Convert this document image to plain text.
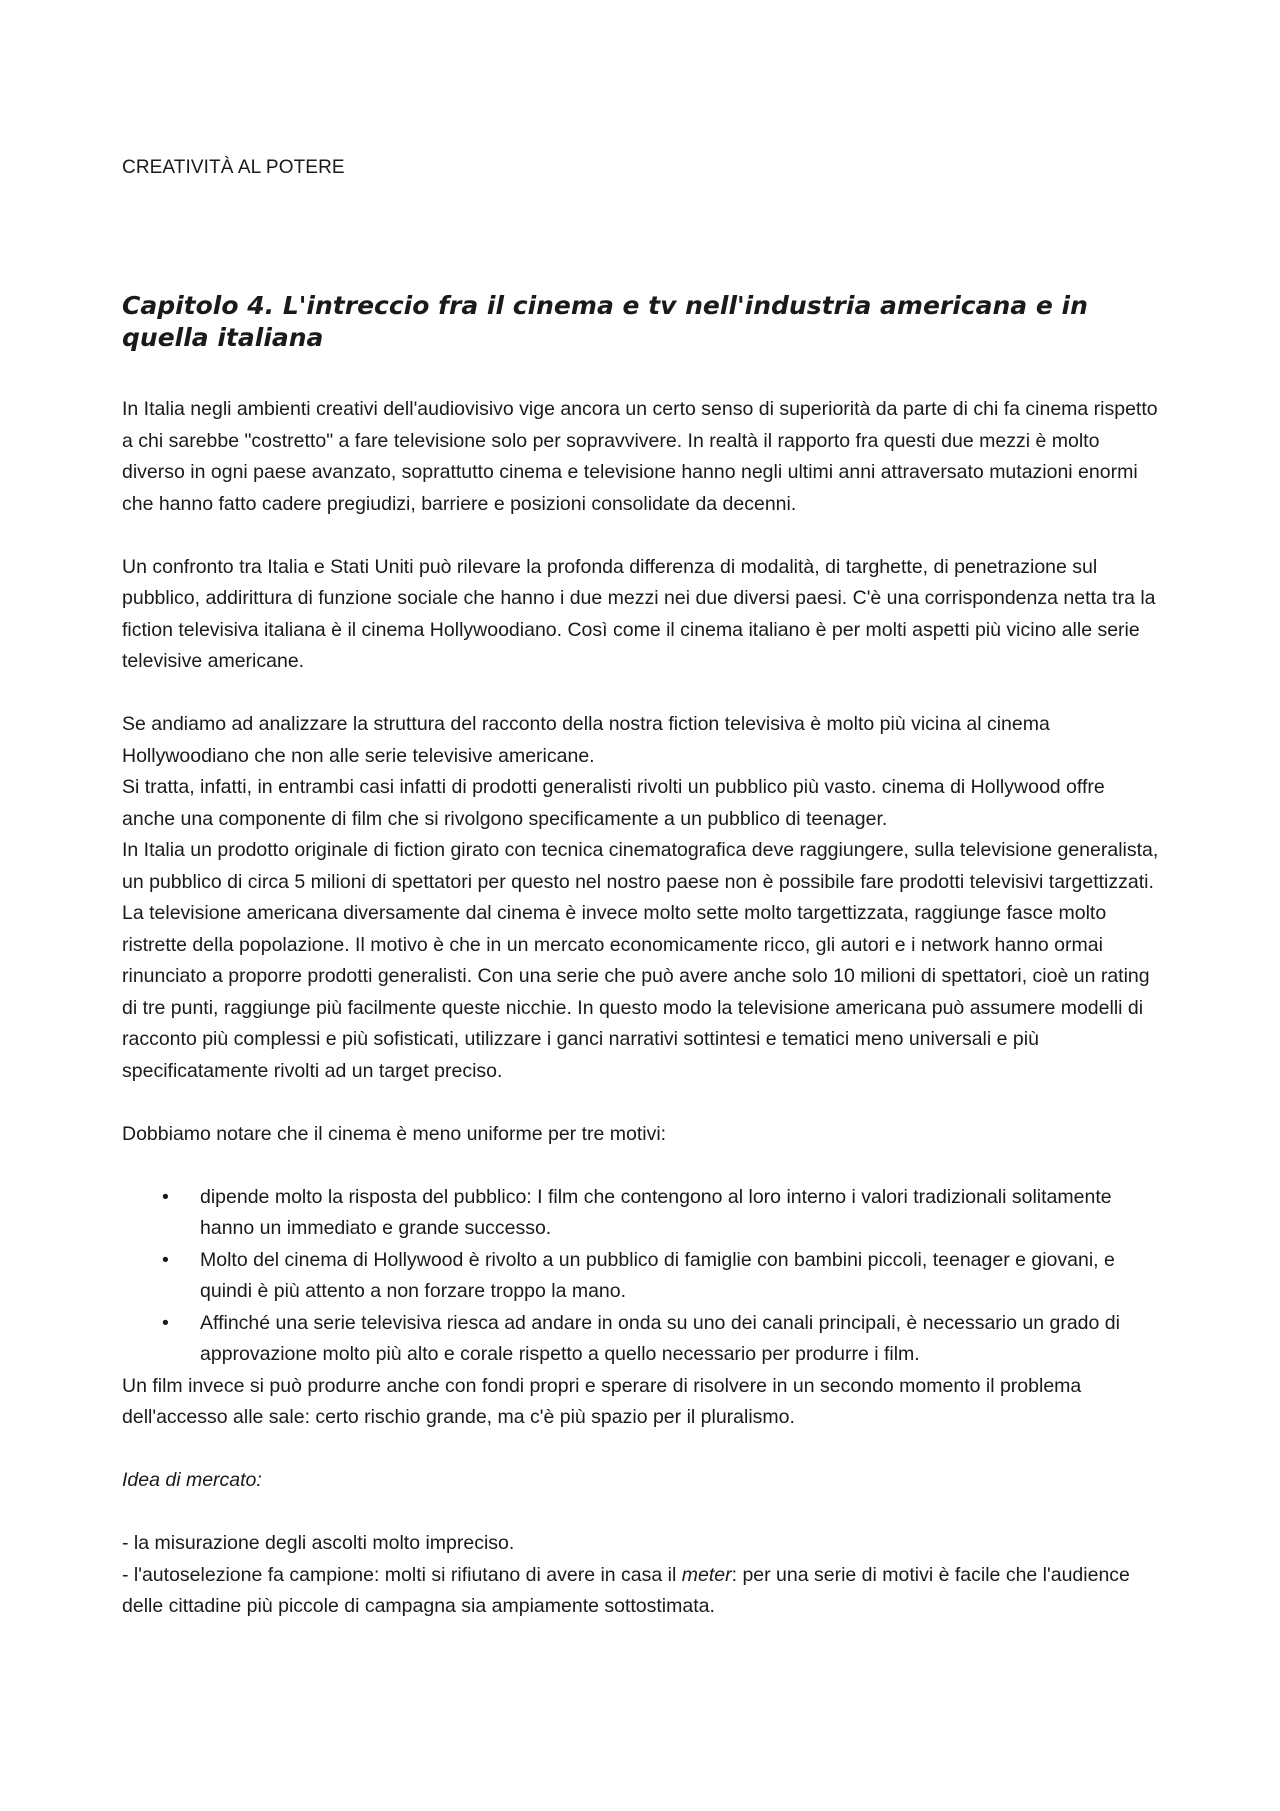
CREATIVITÀ AL POTERE

Capitolo 4. L'intreccio fra il cinema e tv nell'industria americana e in quella italiana

In Italia negli ambienti creativi dell'audiovisivo vige ancora un certo senso di superiorità da parte di chi fa cinema rispetto a chi sarebbe "costretto" a fare televisione solo per sopravvivere. In realtà il rapporto fra questi due mezzi è molto diverso in ogni paese avanzato, soprattutto cinema e televisione hanno negli ultimi anni attraversato mutazioni enormi che hanno fatto cadere pregiudizi, barriere e posizioni consolidate da decenni.

Un confronto tra Italia e Stati Uniti può rilevare la profonda differenza di modalità, di targhette, di penetrazione sul pubblico, addirittura di funzione sociale che hanno i due mezzi nei due diversi paesi. C'è una corrispondenza netta tra la fiction televisiva italiana è il cinema Hollywoodiano. Così come il cinema italiano è per molti aspetti più vicino alle serie televisive americane.

Se andiamo ad analizzare la struttura del racconto della nostra fiction televisiva è molto più vicina al cinema Hollywoodiano che non alle serie televisive americane.

Si tratta, infatti, in entrambi casi infatti di prodotti generalisti rivolti un pubblico più vasto. cinema di Hollywood offre anche una componente di film che si rivolgono specificamente a un pubblico di teenager.

In Italia un prodotto originale di fiction girato con tecnica cinematografica deve raggiungere, sulla televisione generalista, un pubblico di circa 5 milioni di spettatori per questo nel nostro paese non è possibile fare prodotti televisivi targettizzati.

La televisione americana diversamente dal cinema è invece molto sette molto targettizzata, raggiunge fasce molto ristrette della popolazione. Il motivo è che in un mercato economicamente ricco, gli autori e i network hanno ormai rinunciato a proporre prodotti generalisti. Con una serie che può avere anche solo 10 milioni di spettatori, cioè un rating di tre punti, raggiunge più facilmente queste nicchie. In questo modo la televisione americana può assumere modelli di racconto più complessi e più sofisticati, utilizzare i ganci narrativi sottintesi e tematici meno universali e più specificatamente rivolti ad un target preciso.

Dobbiamo notare che il cinema è meno uniforme per tre motivi:

• dipende molto la risposta del pubblico: I film che contengono al loro interno i valori tradizionali solitamente hanno un immediato e grande successo.
• Molto del cinema di Hollywood è rivolto a un pubblico di famiglie con bambini piccoli, teenager e giovani, e quindi è più attento a non forzare troppo la mano.
• Affinché una serie televisiva riesca ad andare in onda su uno dei canali principali, è necessario un grado di approvazione molto più alto e corale rispetto a quello necessario per produrre i film.

Un film invece si può produrre anche con fondi propri e sperare di risolvere in un secondo momento il problema dell'accesso alle sale: certo rischio grande, ma c'è più spazio per il pluralismo.

Idea di mercato:

- la misurazione degli ascolti molto impreciso.

- l'autoselezione fa campione: molti si rifiutano di avere in casa il meter: per una serie di motivi è facile che l'audience delle cittadine più piccole di campagna sia ampiamente sottostimata.
